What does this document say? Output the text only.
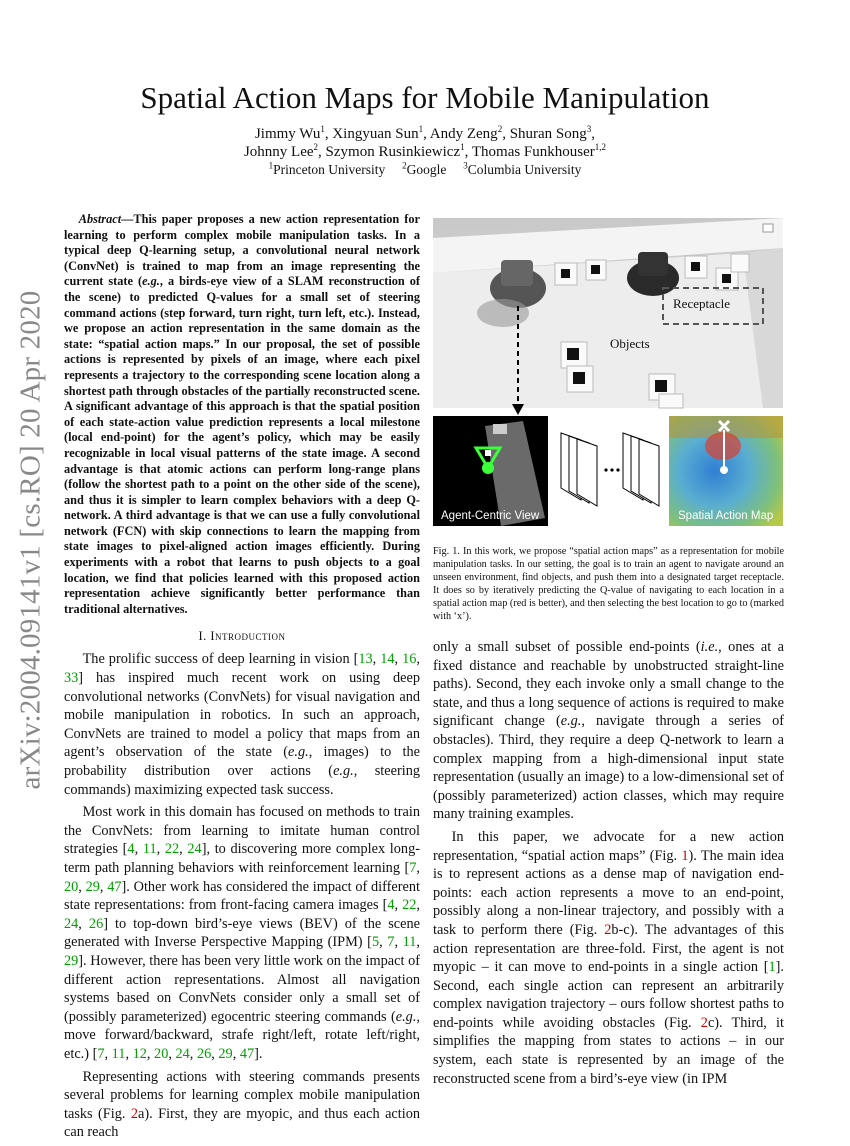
arXiv:2004.09141v1 [cs.RO] 20 Apr 2020
Spatial Action Maps for Mobile Manipulation
Jimmy Wu$^1$, Xingyuan Sun$^1$, Andy Zeng$^2$, Shuran Song$^3$,
Johnny Lee$^2$, Szymon Rusinkiewicz$^1$, Thomas Funkhouser$^{1,2}$
$^1$Princeton University  $^2$Google  $^3$Columbia University

Abstract—This paper proposes a new action representation for learning to perform complex mobile manipulation tasks. In a typical deep Q-learning setup, a convolutional neural network (ConvNet) is trained to map from an image representing the current state (e.g., a birds-eye view of a SLAM reconstruction of the scene) to predicted Q-values for a small set of steering command actions (step forward, turn right, turn left, etc.). Instead, we propose an action representation in the same domain as the state: “spatial action maps.” In our proposal, the set of possible actions is represented by pixels of an image, where each pixel represents a trajectory to the corresponding scene location along a shortest path through obstacles of the partially reconstructed scene. A significant advantage of this approach is that the spatial position of each state-action value prediction represents a local milestone (local end-point) for the agent’s policy, which may be easily recognizable in local visual patterns of the state image. A second advantage is that atomic actions can perform long-range plans (follow the shortest path to a point on the other side of the scene), and thus it is simpler to learn complex behaviors with a deep Q-network. A third advantage is that we can use a fully convolutional network (FCN) with skip connections to learn the mapping from state images to pixel-aligned action images efficiently. During experiments with a robot that learns to push objects to a goal location, we find that policies learned with this proposed action representation achieve significantly better performance than traditional alternatives.

I. Introduction

The prolific success of deep learning in vision [13, 14, 16, 33] has inspired much recent work on using deep convolutional networks (ConvNets) for visual navigation and mobile manipulation in robotics. In such an approach, ConvNets are trained to model a policy that maps from an agent’s observation of the state (e.g., images) to the probability distribution over actions (e.g., steering commands) maximizing expected task success.

Most work in this domain has focused on methods to train the ConvNets: from learning to imitate human control strategies [4, 11, 22, 24], to discovering more complex long-term path planning behaviors with reinforcement learning [7, 20, 29, 47]. Other work has considered the impact of different state representations: from front-facing camera images [4, 22, 24, 26] to top-down bird’s-eye views (BEV) of the scene generated with Inverse Perspective Mapping (IPM) [5, 7, 11, 29]. However, there has been very little work on the impact of different action representations. Almost all navigation systems based on ConvNets consider only a small set of (possibly parameterized) egocentric steering commands (e.g., move forward/backward, strafe right/left, rotate left/right, etc.) [7, 11, 12, 20, 24, 26, 29, 47].

Representing actions with steering commands presents several problems for learning complex mobile manipulation tasks (Fig. 2a). First, they are myopic, and thus each action can reach

Receptacle
Objects
Agent-Centric View	Spatial Action Map
Fig. 1. In this work, we propose “spatial action maps” as a representation for mobile manipulation tasks. In our setting, the goal is to train an agent to navigate around an unseen environment, find objects, and push them into a designated target receptacle. It does so by iteratively predicting the Q-value of navigating to each location in a spatial action map (red is better), and then selecting the best location to go to (marked with ‘x’).

only a small subset of possible end-points (i.e., ones at a fixed distance and reachable by unobstructed straight-line paths). Second, they each invoke only a small change to the state, and thus a long sequence of actions is required to make significant change (e.g., navigate through a series of obstacles). Third, they require a deep Q-network to learn a complex mapping from a high-dimensional input state representation (usually an image) to a low-dimensional set of (possibly parameterized) action classes, which may require many training examples.

In this paper, we advocate for a new action representation, “spatial action maps” (Fig. 1). The main idea is to represent actions as a dense map of navigation end-points: each action represents a move to an end-point, possibly along a non-linear trajectory, and possibly with a task to perform there (Fig. 2b-c). The advantages of this action representation are three-fold. First, the agent is not myopic – it can move to end-points in a single action [1]. Second, each single action can represent an arbitrarily complex navigation trajectory – ours follow shortest paths to end-points while avoiding obstacles (Fig. 2c). Third, it simplifies the mapping from states to actions – in our system, each state is represented by an image of the reconstructed scene from a bird’s-eye view (in IPM
